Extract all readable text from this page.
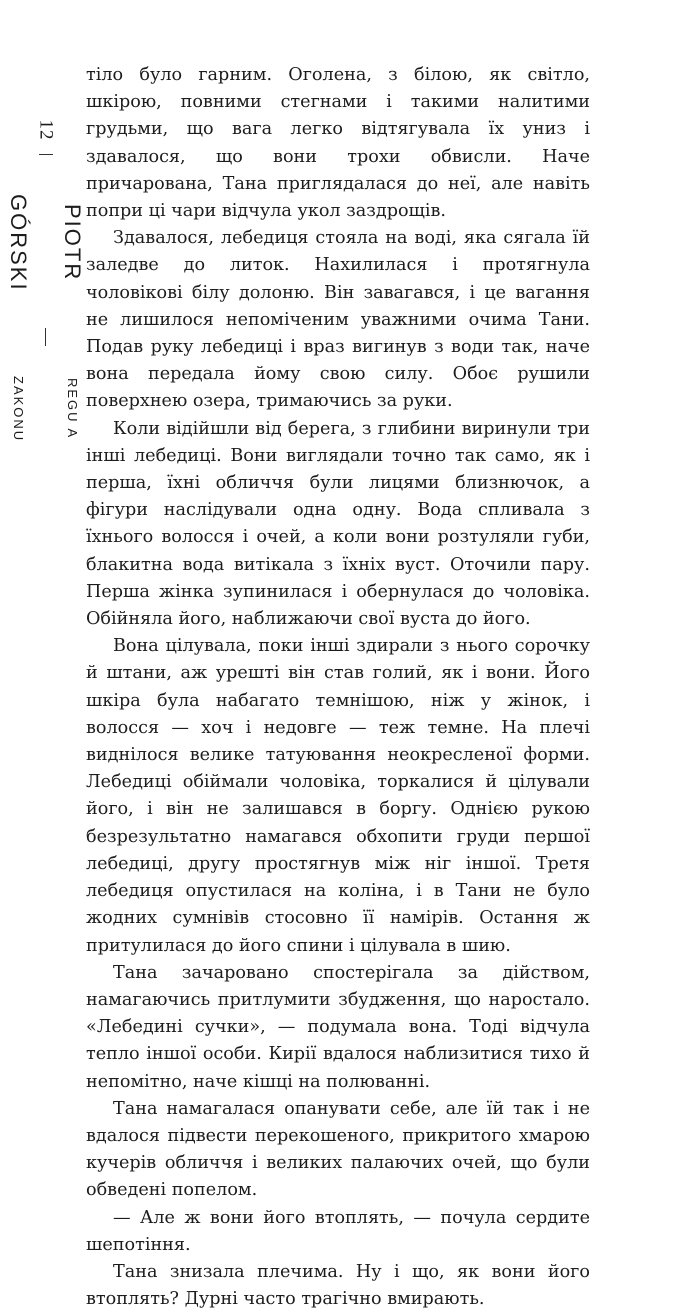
12
PIOTR GÓRSKI
REGU A ZAKONU

тіло було гарним. Оголена, з білою, як світло, шкірою, повними стегнами і такими налитими грудьми, що вага легко відтягувала їх униз і здавалося, що вони трохи обвисли. Наче причарована, Тана приглядалася до неї, але навіть попри ці чари відчула укол заздрощів.

Здавалося, лебедиця стояла на воді, яка сягала їй заледве до литок. Нахилилася і протягнула чоловікові білу долоню. Він завагався, і це вагання не лишилося непоміченим уважними очима Тани. Подав руку лебедиці і враз вигинув з води так, наче вона передала йому свою силу. Обоє рушили поверхнею озера, тримаючись за руки.

Коли відійшли від берега, з глибини виринули три інші лебедиці. Вони виглядали точно так само, як і перша, їхні обличчя були лицями близнючок, а фігури наслідували одна одну. Вода спливала з їхнього волосся і очей, а коли вони розтуляли губи, блакитна вода витікала з їхніх вуст. Оточили пару. Перша жінка зупинилася і обернулася до чоловіка. Обійняла його, наближаючи свої вуста до його.

Вона цілувала, поки інші здирали з нього сорочку й штани, аж урешті він став голий, як і вони. Його шкіра була набагато темнішою, ніж у жінок, і волосся — хоч і недовге — теж темне. На плечі виднілося велике татуювання неокресленої форми. Лебедиці обіймали чоловіка, торкалися й цілували його, і він не залишався в боргу. Однією рукою безрезультатно намагався обхопити груди першої лебедиці, другу простягнув між ніг іншої. Третя лебедиця опустилася на коліна, і в Тани не було жодних сумнівів стосовно її намірів. Остання ж притулилася до його спини і цілувала в шию.

Тана зачаровано спостерігала за дійством, намагаючись притлумити збудження, що наростало. «Лебедині сучки», — подумала вона. Тоді відчула тепло іншої особи. Кирії вдалося наблизитися тихо й непомітно, наче кішці на полюванні.

Тана намагалася опанувати себе, але їй так і не вдалося підвести перекошеного, прикритого хмарою кучерів обличчя і великих палаючих очей, що були обведені попелом.

— Але ж вони його втоплять, — почула сердите шепотіння.

Тана знизала плечима. Ну і що, як вони його втоплять? Дурні часто трагічно вмирають.
